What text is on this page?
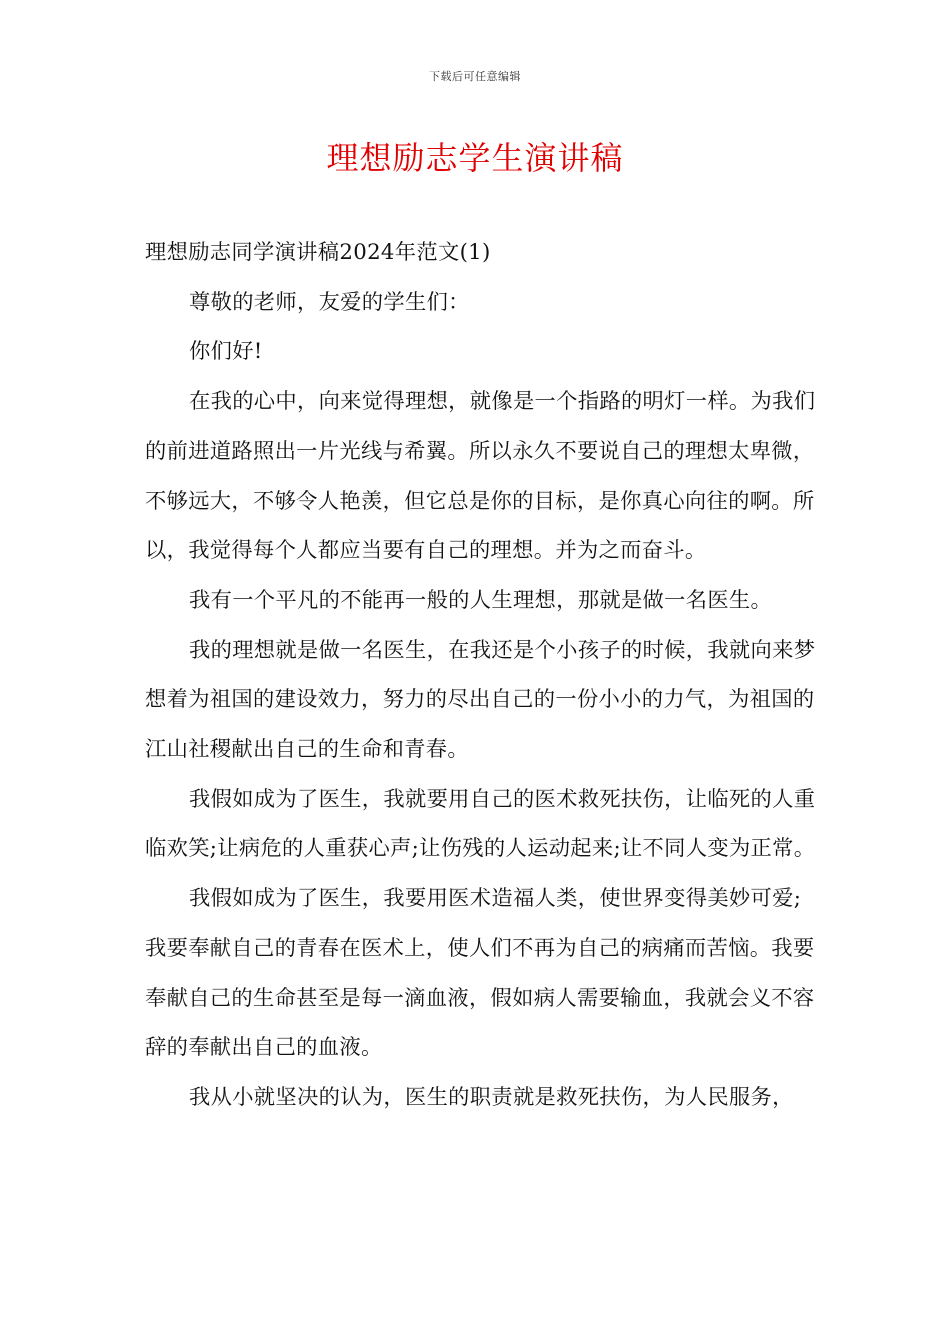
下载后可任意编辑
理想励志学生演讲稿

理想励志同学演讲稿2024年范文(1)

尊敬的老师，友爱的学生们：

你们好!

在我的心中，向来觉得理想，就像是一个指路的明灯一样。为我们的前进道路照出一片光线与希翼。所以永久不要说自己的理想太卑微，不够远大，不够令人艳羡，但它总是你的目标，是你真心向往的啊。所以，我觉得每个人都应当要有自己的理想。并为之而奋斗。

我有一个平凡的不能再一般的人生理想，那就是做一名医生。

我的理想就是做一名医生，在我还是个小孩子的时候，我就向来梦想着为祖国的建设效力，努力的尽出自己的一份小小的力气，为祖国的江山社稷献出自己的生命和青春。

我假如成为了医生，我就要用自己的医术救死扶伤，让临死的人重临欢笑;让病危的人重获心声;让伤残的人运动起来;让不同人变为正常。

我假如成为了医生，我要用医术造福人类，使世界变得美妙可爱;我要奉献自己的青春在医术上，使人们不再为自己的病痛而苦恼。我要奉献自己的生命甚至是每一滴血液，假如病人需要输血，我就会义不容辞的奉献出自己的血液。

我从小就坚决的认为，医生的职责就是救死扶伤，为人民服务，
